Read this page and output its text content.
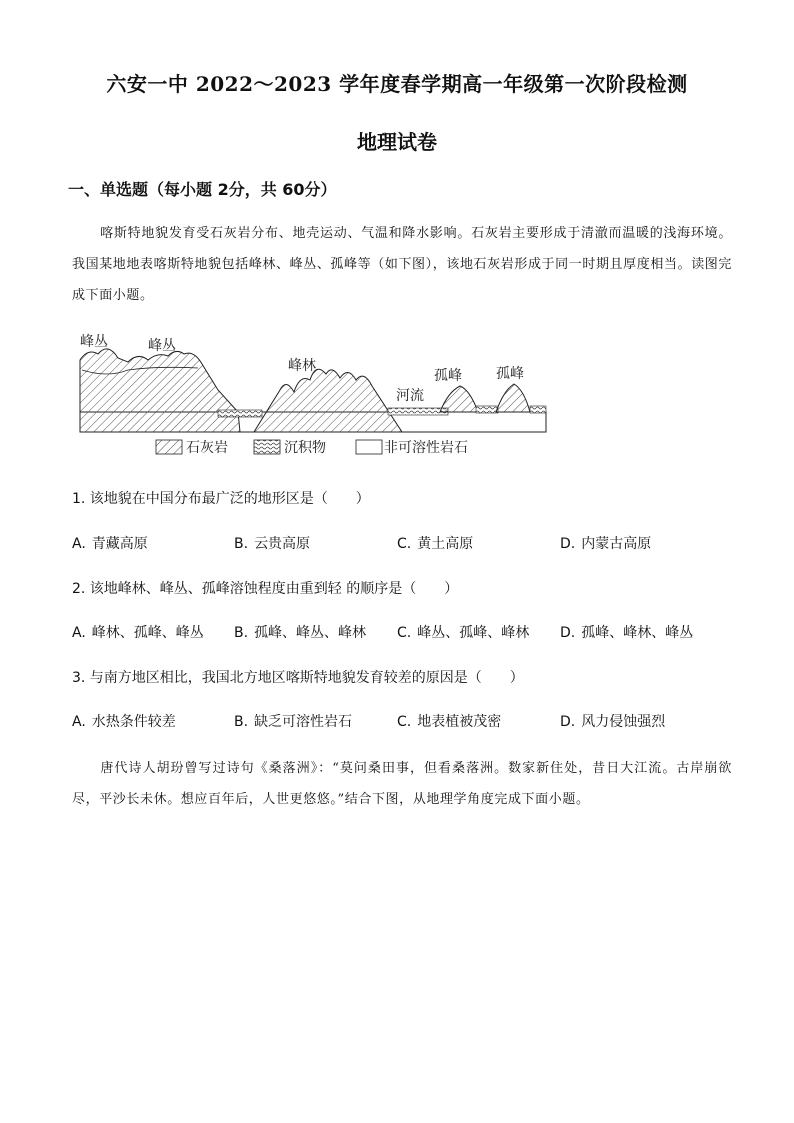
六安一中 2022～2023 学年度春学期高一年级第一次阶段检测
地理试卷
一、单选题（每小题 2分，共 60分）
喀斯特地貌发育受石灰岩分布、地壳运动、气温和降水影响。石灰岩主要形成于清澈而温暖的浅海环境。我国某地地表喀斯特地貌包括峰林、峰丛、孤峰等（如下图），该地石灰岩形成于同一时期且厚度相当。读图完成下面小题。
峰丛	峰丛
峰林
孤峰 孤峰
河流
石灰岩	沉积物	非可溶性岩石
1. 该地貌在中国分布最广泛的地形区是（　　）
A. 青藏高原	B. 云贵高原	C. 黄土高原	D. 内蒙古高原
2. 该地峰林、峰丛、孤峰溶蚀程度由重到轻 的顺序是（　　）
A. 峰林、孤峰、峰丛 B. 孤峰、峰丛、峰林 C. 峰丛、孤峰、峰林 D. 孤峰、峰林、峰丛
3. 与南方地区相比，我国北方地区喀斯特地貌发育较差的原因是（　　）
A. 水热条件较差	B. 缺乏可溶性岩石	C. 地表植被茂密	D. 风力侵蚀强烈
唐代诗人胡玢曾写过诗句《桑落洲》：“莫问桑田事，但看桑落洲。数家新住处，昔日大江流。古岸崩欲尽，平沙长未休。想应百年后，人世更悠悠。”结合下图，从地理学角度完成下面小题。
